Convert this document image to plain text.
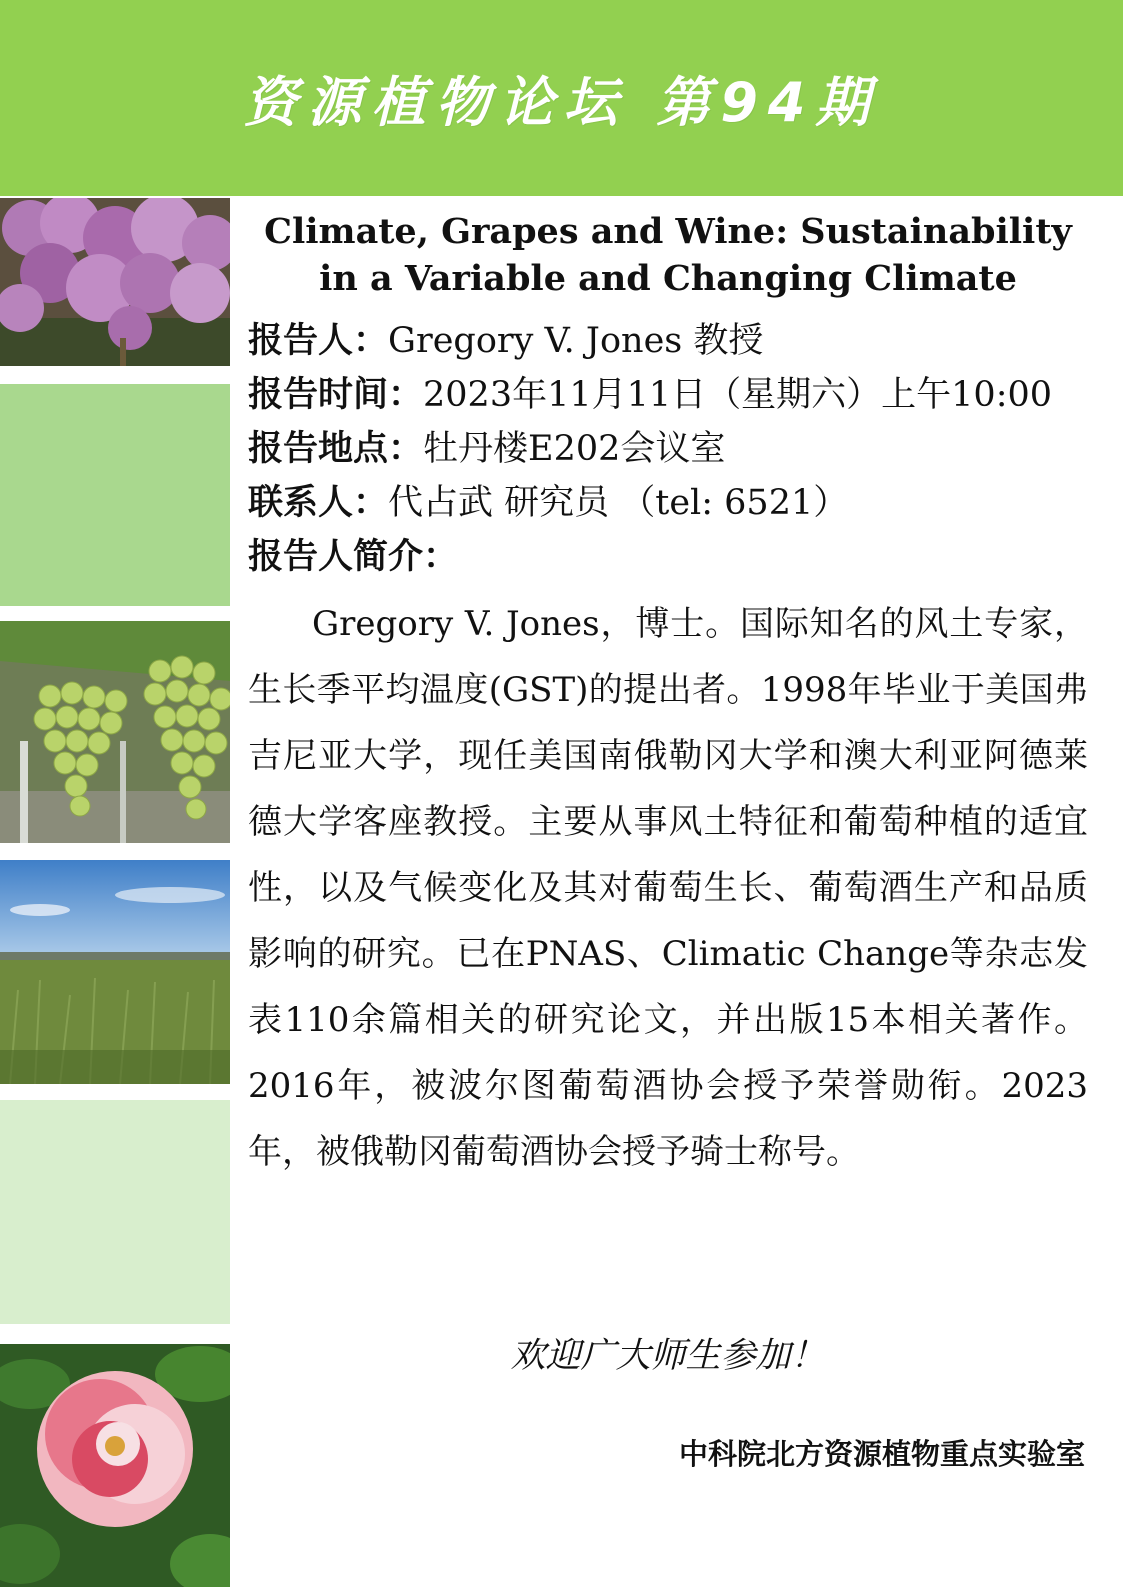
资源植物论坛 第94期
Climate, Grapes and Wine: Sustainability in a Variable and Changing Climate
报告人：Gregory V. Jones 教授
报告时间：2023年11月11日（星期六）上午10:00
报告地点：牡丹楼E202会议室
联系人：代占武 研究员 （tel: 6521）
报告人简介：
Gregory V. Jones，博士。国际知名的风土专家，生长季平均温度(GST)的提出者。1998年毕业于美国弗吉尼亚大学，现任美国南俄勒冈大学和澳大利亚阿德莱德大学客座教授。主要从事风土特征和葡萄种植的适宜性，以及气候变化及其对葡萄生长、葡萄酒生产和品质影响的研究。已在PNAS、Climatic Change等杂志发表110余篇相关的研究论文，并出版15本相关著作。2016年，被波尔图葡萄酒协会授予荣誉勋衔。2023年，被俄勒冈葡萄酒协会授予骑士称号。
欢迎广大师生参加！
中科院北方资源植物重点实验室
